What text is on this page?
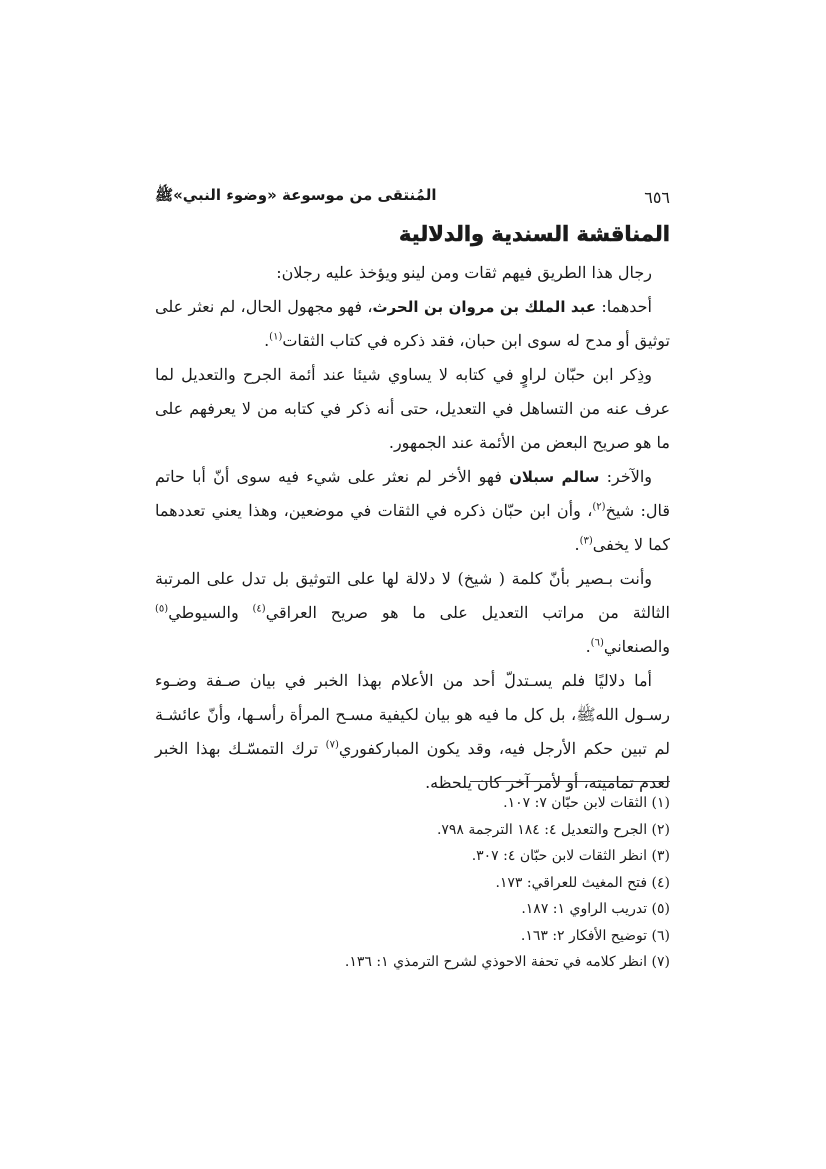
٦٥٦
المُنتقى من موسوعة «وضوء النبي»ﷺ
المناقشة السندية والدلالية

رجال هذا الطريق فيهم ثقات ومن لينو ويؤخذ عليه رجلان:

أحدهما: عبد الملك بن مروان بن الحرث، فهو مجهول الحال، لم نعثر على توثيق أو مدح له سوى ابن حبان، فقد ذكره في كتاب الثقات$^{(١)}$.

وذِكر ابن حبّان لراوٍ في كتابه لا يساوي شيئا عند أئمة الجرح والتعديل لما عرف عنه من التساهل في التعديل، حتى أنه ذكر في كتابه من لا يعرفهم على ما هو صريح البعض من الأئمة عند الجمهور.

والآخر: سالم سبلان فهو الأخر لم نعثر على شيء فيه سوى أنّ أبا حاتم قال: شيخ$^{(٢)}$، وأن ابن حبّان ذكره في الثقات في موضعين، وهذا يعني تعددهما كما لا يخفى$^{(٣)}$.

وأنت بـصير بأنّ كلمة ( شيخ) لا دلالة لها على التوثيق بل تدل على المرتبة الثالثة من مراتب التعديل على ما هو صريح العراقي$^{(٤)}$ والسيوطي$^{(٥)}$ والصنعاني$^{(٦)}$.

أما دلاليًا فلم يسـتدلّ أحد من الأعلام بهذا الخبر في بيان صـفة وضـوء رسـول اللهﷺ، بل كل ما فيه هو بيان لكيفية مسـح المرأة رأسـها، وأنّ عائشـة لم تبين حكم الأرجل فيه، وقد يكون المباركفوري$^{(٧)}$ ترك التمسّـك بهذا الخبر لعدم تماميته، أو لأمر آخر كان يلحظه.

(١) الثقات لابن حبّان ٧: ١٠٧.
(٢) الجرح والتعديل ٤: ١٨٤ الترجمة ٧٩٨.
(٣) انظر الثقات لابن حبّان ٤: ٣٠٧.
(٤) فتح المغيث للعراقي: ١٧٣.
(٥) تدريب الراوي ١: ١٨٧.
(٦) توضيح الأفكار ٢: ١٦٣.
(٧) انظر كلامه في تحفة الاحوذي لشرح الترمذي ١: ١٣٦.
